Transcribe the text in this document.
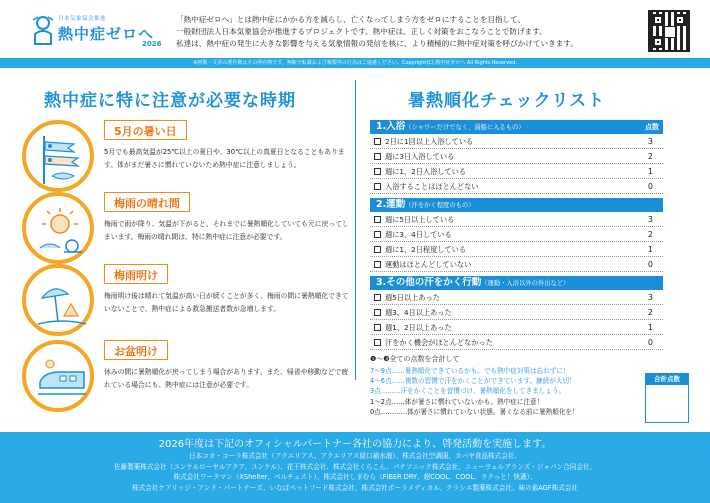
日本気象協会推進
熱中症ゼロへ
2026
「熱中症ゼロへ」とは熱中症にかかる方を減らし、亡くなってしまう方をゼロにすることを目指して、
一般財団法人日本気象協会が推進するプロジェクトです。熱中症は、正しく対策をおこなうことで防げます。
私達は、熱中症の発生に大きな影響を与える気象情報の発信を核に、より積極的に熱中症対策を呼びかけていきます。
※画像・文章の著作権はその所有物です。無断で転載および複製等の行為はご遠慮ください。Copyright(C) 熱中症ゼロへ All Rights Reserved.
熱中症に特に注意が必要な時期
5月の暑い日
5月でも最高気温が25℃以上の夏日や、30℃以上の真夏日となることもあります。体がまだ暑さに慣れていないため熱中症に注意しましょう。
梅雨の晴れ間
梅雨で雨が降り、気温が下がると、それまでに暑熱順化していても元に戻ってしまいます。梅雨の晴れ間は、特に熱中症に注意が必要です。
梅雨明け
梅雨明け後は晴れて気温が高い日が続くことが多く、梅雨の間に暑熱順化できていないことで、熱中症による救急搬送者数が急増します。
お盆明け
休みの間に暑熱順化が戻ってしまう場合があります。また、帰省や移動などで疲れている場合にも、熱中症には注意が必要です。
暑熱順化チェックリスト
1.入浴（シャワーだけでなく、湯船に入るもの）	点数
2日に1回以上入浴している	3
週に3日入浴している	2
週に1、2日入浴している	1
入浴することはほとんどない	0
2.運動（汗をかく程度のもの）
週に5日以上している	3
週に3、4日している	2
週に1、2日程度している	1
運動はほとんどしていない	0
3.その他の汗をかく行動（運動・入浴以外の外出など）
週5日以上あった	3
週3、4日以上あった	2
週1、2日以上あった	1
汗をかく機会がほとんどなかった	0
❶～❸全ての点数を合計して
7～9点……暑熱順化できているかも。でも熱中症対策は忘れずに！
4～6点……複数の習慣で汗をかくことができています。継続が大切！
3点………汗をかくことを習慣づけ、暑熱順化をしてきましょう。
1～2点……体が暑さに慣れていないかも。熱中症に注意！
0点…………体が暑さに慣れていない状態。暑くなる前に暑熱順化を！
合計点数
2026年度は下記のオフィシャルパートナー各社の協力により、啓発活動を実施します。
日本コカ・コーラ株式会社（アクエリアス、アクエリアス経口補水液）、株式会社空調服、カバヤ食品株式会社、
佐藤製薬株式会社（ユンケルローヤルアクア、ユンケル）、花王株式会社、株式会社くらこん、パナソニック株式会社、ニューウェルブランズ・ジャパン合同会社、
株式会社ワークマン（XShelter、ベルチェスト）、株式会社しまむら（FIBER DRY、超COOL、COOL、ラクっと！快適）、
株式会社ケアリッジ・アンド・パートナーズ、いなばペットフード株式会社、株式会社ポーラメディカル、クラシエ製薬株式会社、味の素AGF株式会社
